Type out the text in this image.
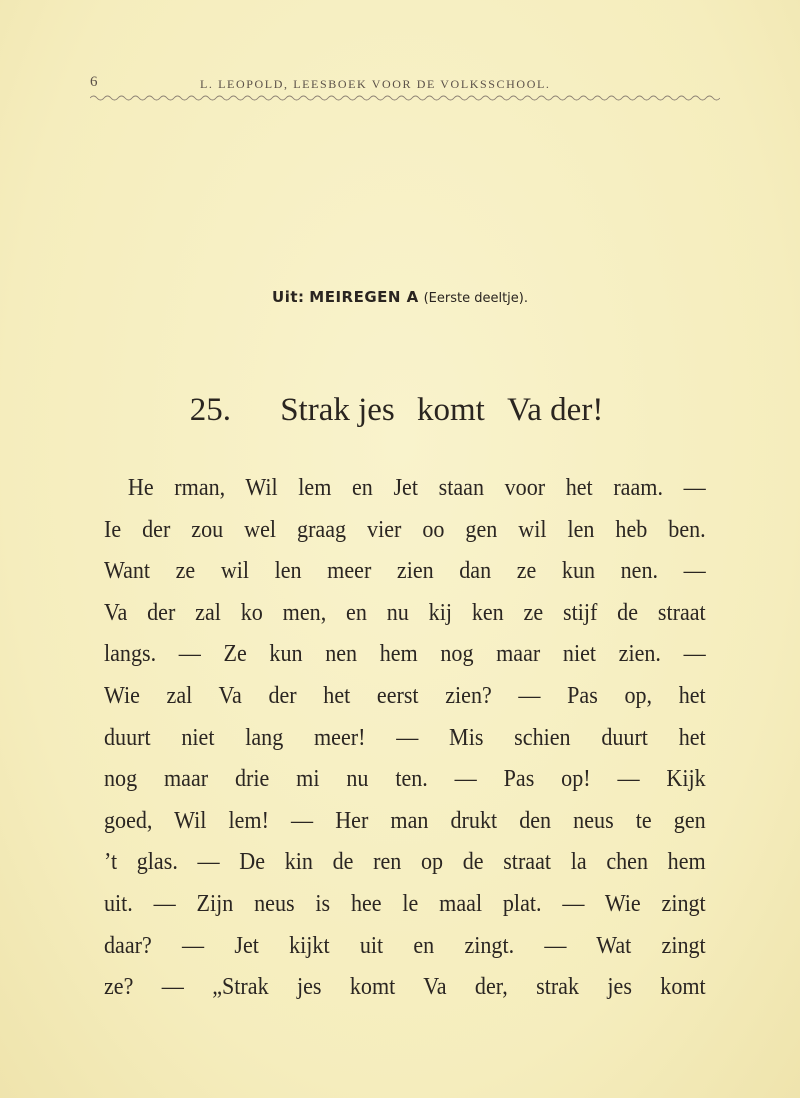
6	L. LEOPOLD, LEESBOEK VOOR DE VOLKSSCHOOL.
Uit: MEIREGEN A (Eerste deeltje).
25. Strak jes komt Va der!
He rman, Wil lem en Jet staan voor het raam. —
Ie der zou wel graag vier oo gen wil len heb ben.
Want ze wil len meer zien dan ze kun nen. —
Va der zal ko men, en nu kij ken ze stijf de straat
langs. — Ze kun nen hem nog maar niet zien. —
Wie zal Va der het eerst zien? — Pas op, het
duurt niet lang meer! — Mis schien duurt het
nog maar drie mi nu ten. — Pas op! — Kijk
goed, Wil lem! — Her man drukt den neus te gen
’t glas. — De kin de ren op de straat la chen hem
uit. — Zijn neus is hee le maal plat. — Wie zingt
daar? — Jet kijkt uit en zingt. — Wat zingt
ze? — „Strak jes komt Va der, strak jes komt
